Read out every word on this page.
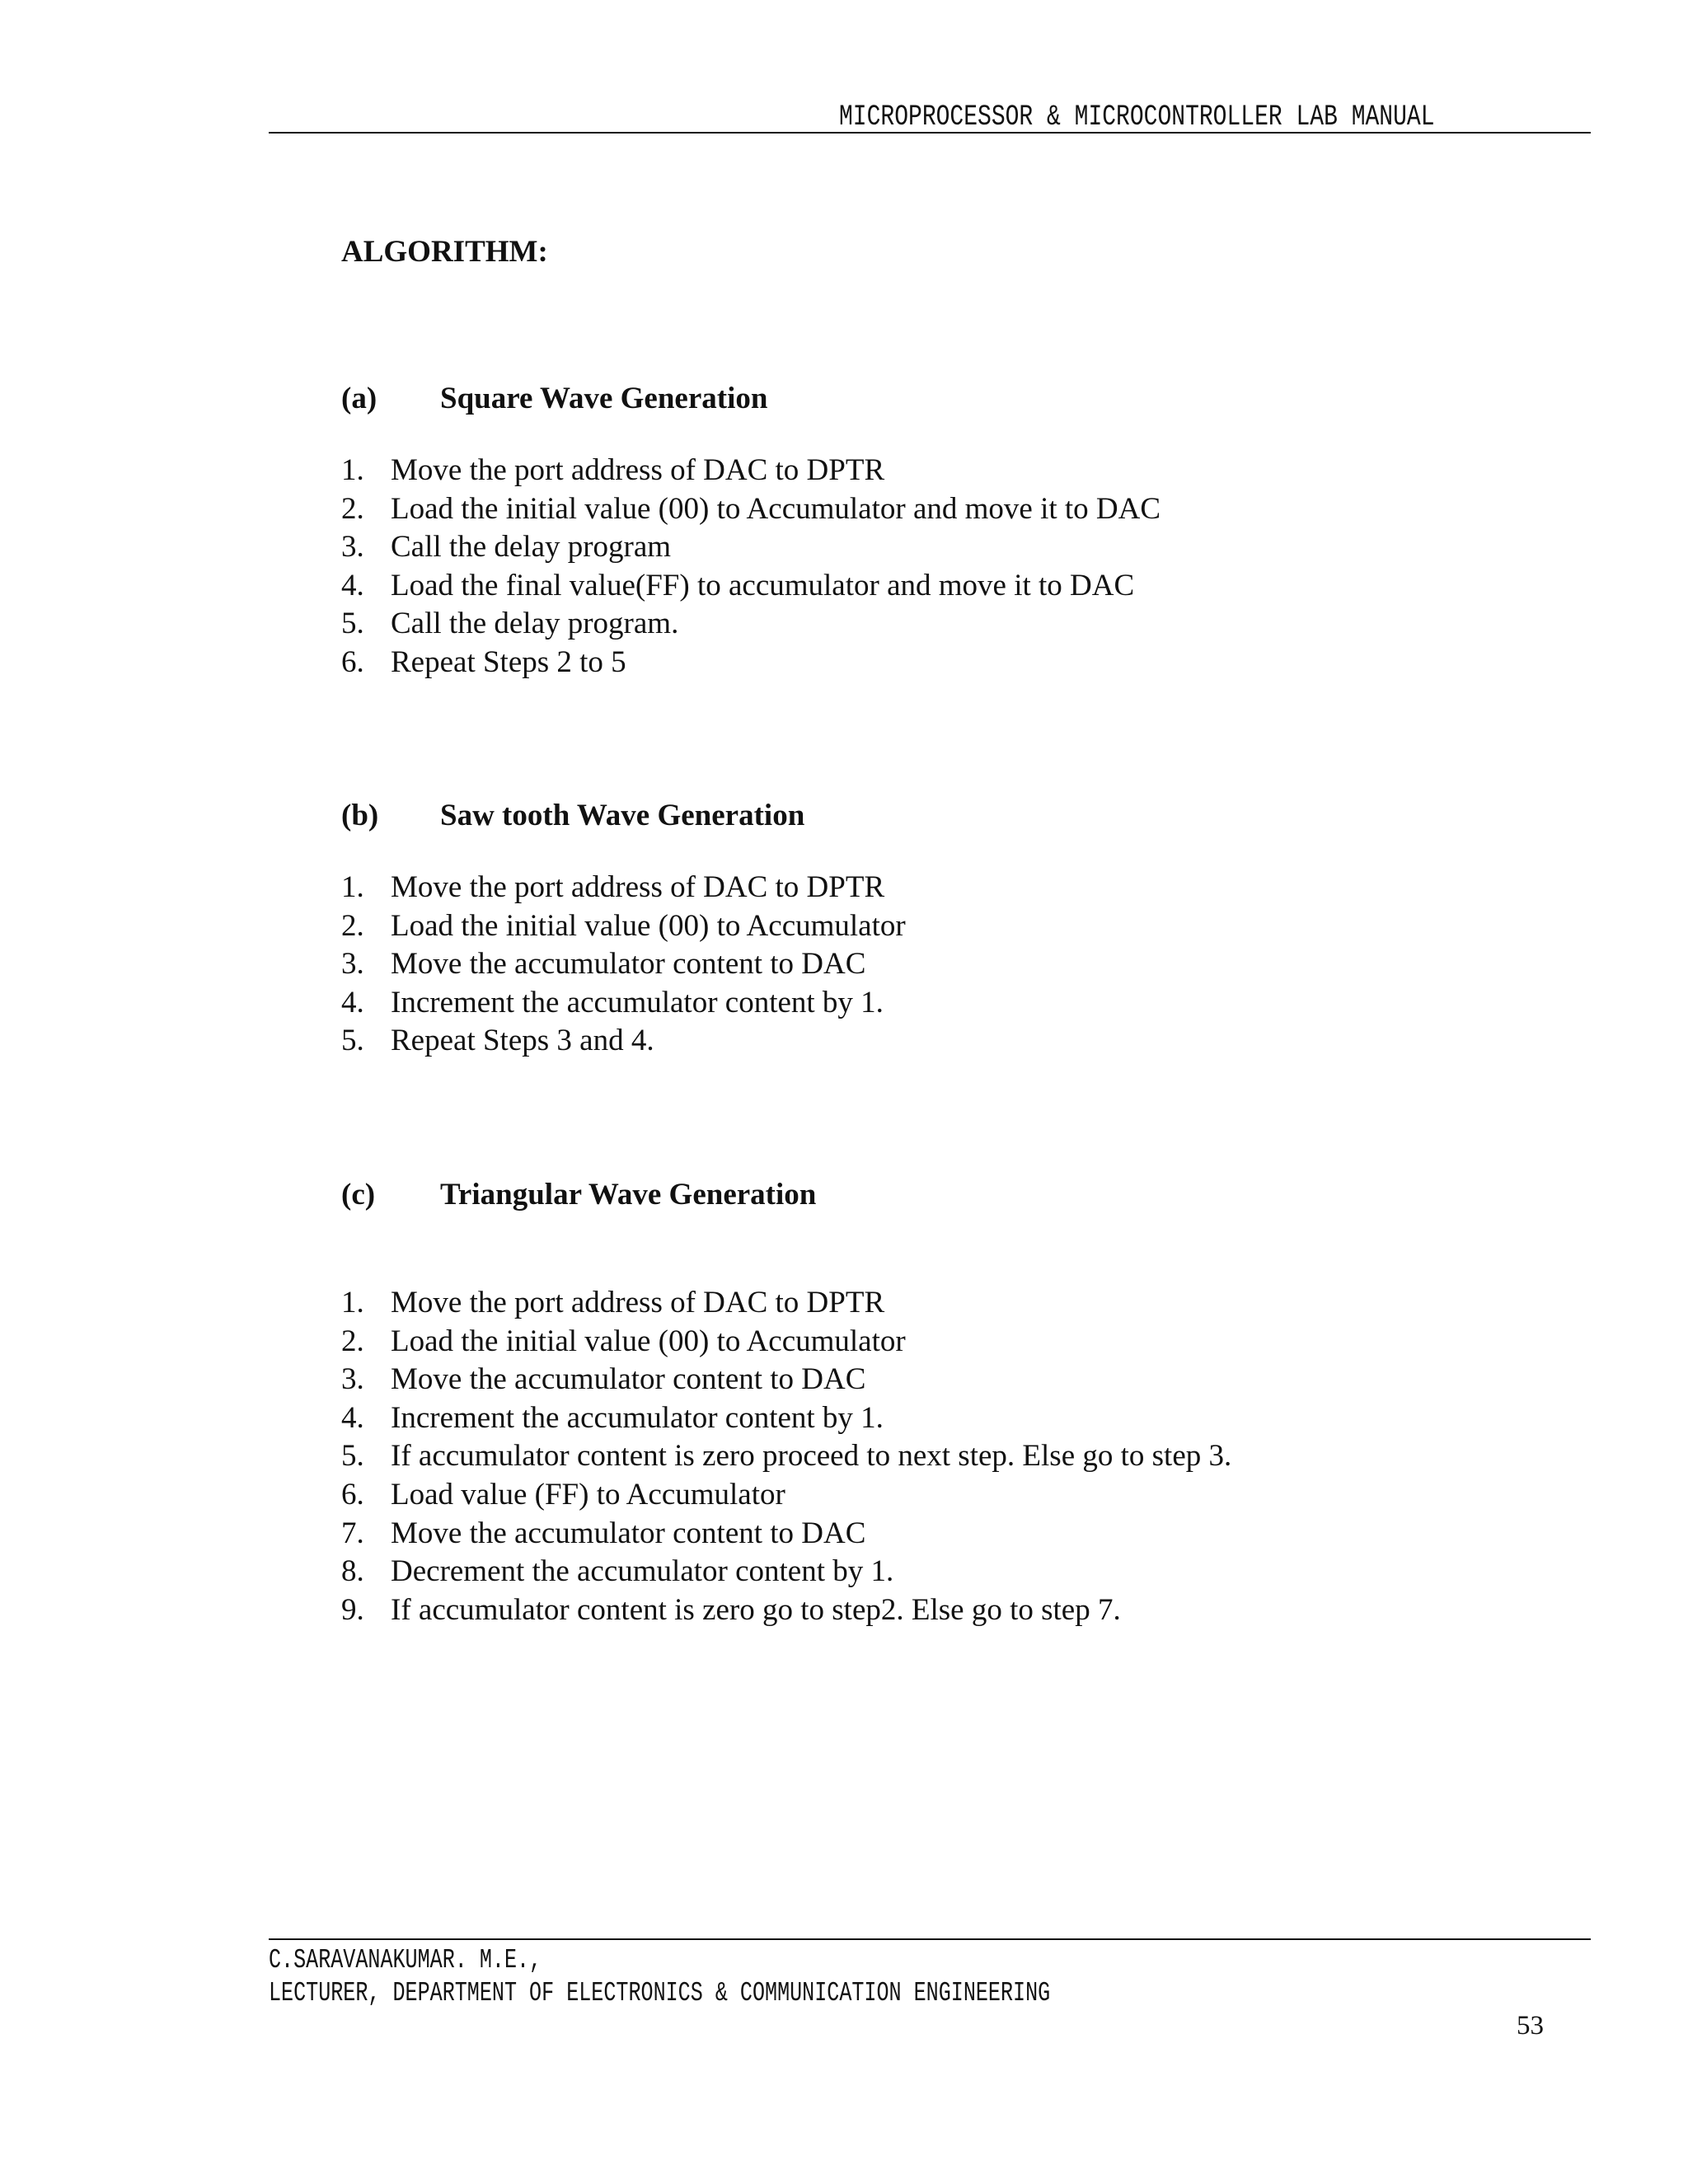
MICROPROCESSOR & MICROCONTROLLER LAB MANUAL
ALGORITHM:
(a) Square Wave Generation
1. Move the port address of DAC to DPTR
2. Load the initial value (00) to Accumulator and move it to DAC
3. Call the delay program
4. Load the final value(FF) to accumulator and move it to DAC
5. Call the delay program.
6. Repeat Steps 2 to 5
(b) Saw tooth Wave Generation
1. Move the port address of DAC to DPTR
2. Load the initial value (00) to Accumulator
3. Move the accumulator content to DAC
4. Increment the accumulator content by 1.
5. Repeat Steps 3 and 4.
(c) Triangular Wave Generation
1. Move the port address of DAC to DPTR
2. Load the initial value (00) to Accumulator
3. Move the accumulator content to DAC
4. Increment the accumulator content by 1.
5. If accumulator content is zero proceed to next step. Else go to step 3.
6. Load value (FF) to Accumulator
7. Move the accumulator content to DAC
8. Decrement the accumulator content by 1.
9. If accumulator content is zero go to step2. Else go to step 7.
C.SARAVANAKUMAR. M.E.,
LECTURER, DEPARTMENT OF ELECTRONICS & COMMUNICATION ENGINEERING
53
